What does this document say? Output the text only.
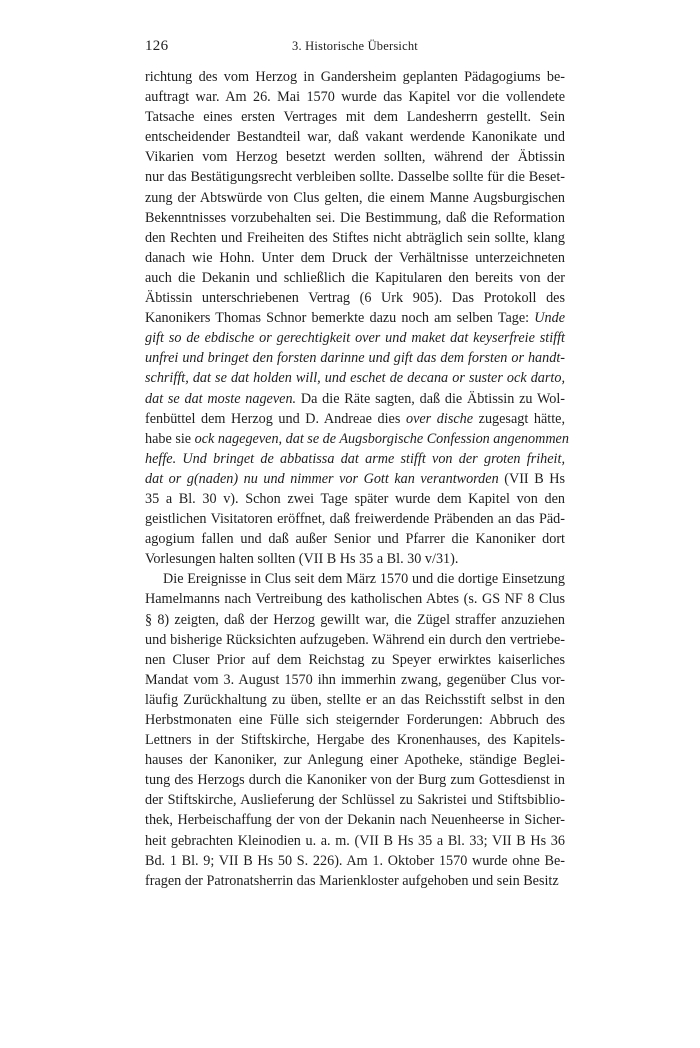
126	3. Historische Übersicht
richtung des vom Herzog in Gandersheim geplanten Pädagogiums be-
auftragt war. Am 26. Mai 1570 wurde das Kapitel vor die vollendete
Tatsache eines ersten Vertrages mit dem Landesherrn gestellt. Sein
entscheidender Bestandteil war, daß vakant werdende Kanonikate und
Vikarien vom Herzog besetzt werden sollten, während der Äbtissin
nur das Bestätigungsrecht verbleiben sollte. Dasselbe sollte für die Beset-
zung der Abtswürde von Clus gelten, die einem Manne Augsburgischen
Bekenntnisses vorzubehalten sei. Die Bestimmung, daß die Reformation
den Rechten und Freiheiten des Stiftes nicht abträglich sein sollte, klang
danach wie Hohn. Unter dem Druck der Verhältnisse unterzeichneten
auch die Dekanin und schließlich die Kapitularen den bereits von der
Äbtissin unterschriebenen Vertrag (6 Urk 905). Das Protokoll des
Kanonikers Thomas Schnor bemerkte dazu noch am selben Tage: Unde
gift so de ebdische or gerechtigkeit over und maket dat keyserfreie stifft
unfrei und bringet den forsten darinne und gift das dem forsten or handt-
schrifft, dat se dat holden will, und eschet de decana or suster ock darto,
dat se dat moste nageven. Da die Räte sagten, daß die Äbtissin zu Wol-
fenbüttel dem Herzog und D. Andreae dies over dische zugesagt hätte,
habe sie ock nagegeven, dat se de Augsborgische Confession angenommen
heffe. Und bringet de abbatissa dat arme stifft von der groten friheit,
dat or g(naden) nu und nimmer vor Gott kan verantworden (VII B Hs
35 a Bl. 30 v). Schon zwei Tage später wurde dem Kapitel von den
geistlichen Visitatoren eröffnet, daß freiwerdende Präbenden an das Päd-
agogium fallen und daß außer Senior und Pfarrer die Kanoniker dort
Vorlesungen halten sollten (VII B Hs 35 a Bl. 30 v/31).
Die Ereignisse in Clus seit dem März 1570 und die dortige Einsetzung
Hamelmanns nach Vertreibung des katholischen Abtes (s. GS NF 8 Clus
§ 8) zeigten, daß der Herzog gewillt war, die Zügel straffer anzuziehen
und bisherige Rücksichten aufzugeben. Während ein durch den vertriebe-
nen Cluser Prior auf dem Reichstag zu Speyer erwirktes kaiserliches
Mandat vom 3. August 1570 ihn immerhin zwang, gegenüber Clus vor-
läufig Zurückhaltung zu üben, stellte er an das Reichsstift selbst in den
Herbstmonaten eine Fülle sich steigernder Forderungen: Abbruch des
Lettners in der Stiftskirche, Hergabe des Kronenhauses, des Kapitels-
hauses der Kanoniker, zur Anlegung einer Apotheke, ständige Beglei-
tung des Herzogs durch die Kanoniker von der Burg zum Gottesdienst in
der Stiftskirche, Auslieferung der Schlüssel zu Sakristei und Stiftsbiblio-
thek, Herbeischaffung der von der Dekanin nach Neuenheerse in Sicher-
heit gebrachten Kleinodien u. a. m. (VII B Hs 35 a Bl. 33; VII B Hs 36
Bd. 1 Bl. 9; VII B Hs 50 S. 226). Am 1. Oktober 1570 wurde ohne Be-
fragen der Patronatsherrin das Marienkloster aufgehoben und sein Besitz
